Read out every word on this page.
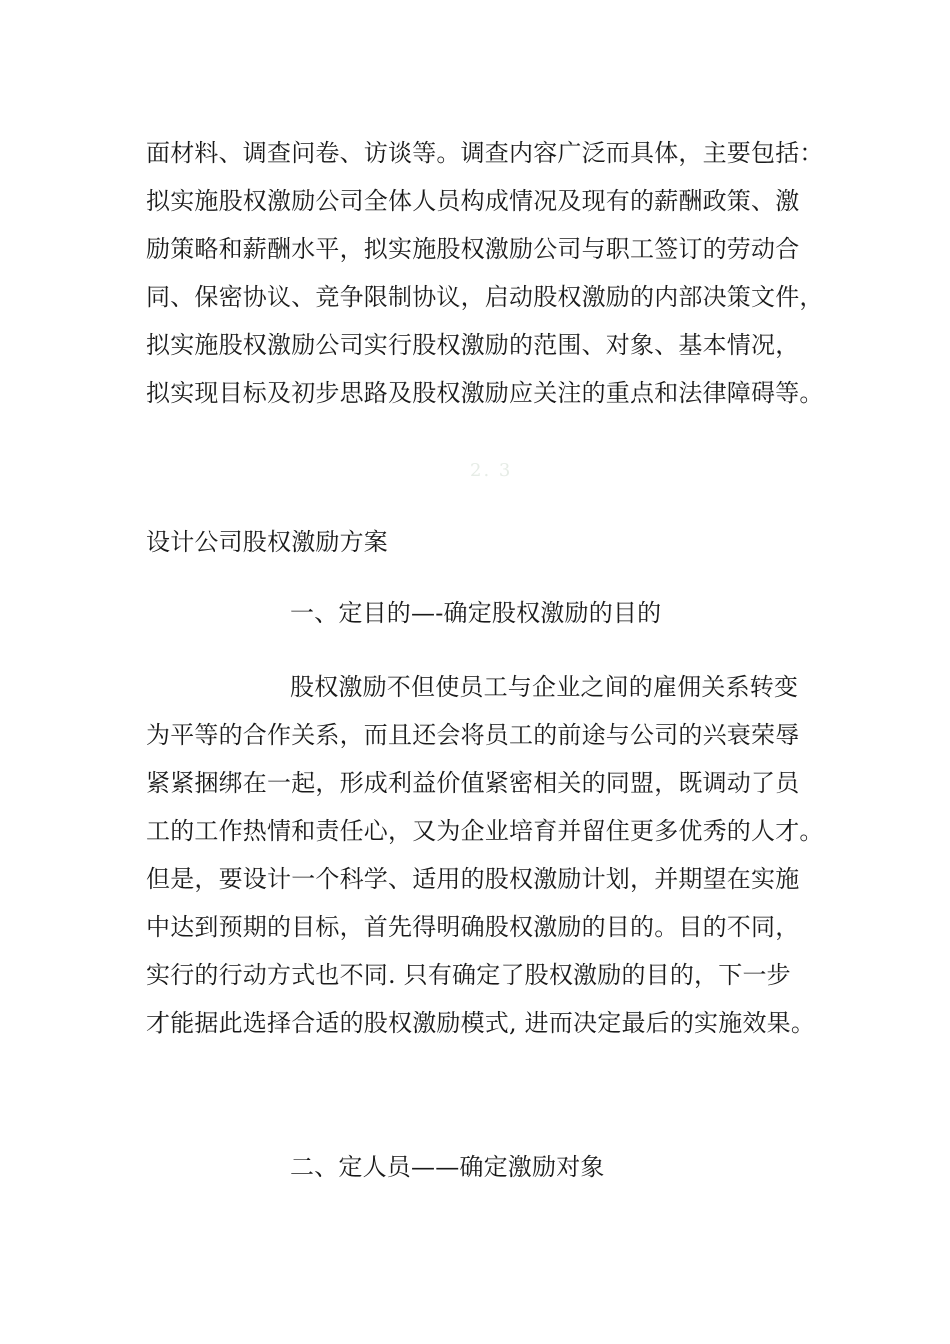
面材料、调查问卷、访谈等。调查内容广泛而具体，主要包括：
拟实施股权激励公司全体人员构成情况及现有的薪酬政策、激
励策略和薪酬水平，拟实施股权激励公司与职工签订的劳动合
同、保密协议、竞争限制协议，启动股权激励的内部决策文件，
拟实施股权激励公司实行股权激励的范围、对象、基本情况，
拟实现目标及初步思路及股权激励应关注的重点和法律障碍等。
2. 3
设计公司股权激励方案
一、定目的—-确定股权激励的目的
股权激励不但使员工与企业之间的雇佣关系转变
为平等的合作关系，而且还会将员工的前途与公司的兴衰荣辱
紧紧捆绑在一起，形成利益价值紧密相关的同盟，既调动了员
工的工作热情和责任心，又为企业培育并留住更多优秀的人才。
但是，要设计一个科学、适用的股权激励计划，并期望在实施
中达到预期的目标，首先得明确股权激励的目的。目的不同，
实行的行动方式也不同. 只有确定了股权激励的目的，下一步
才能据此选择合适的股权激励模式, 进而决定最后的实施效果。
二、定人员——确定激励对象
